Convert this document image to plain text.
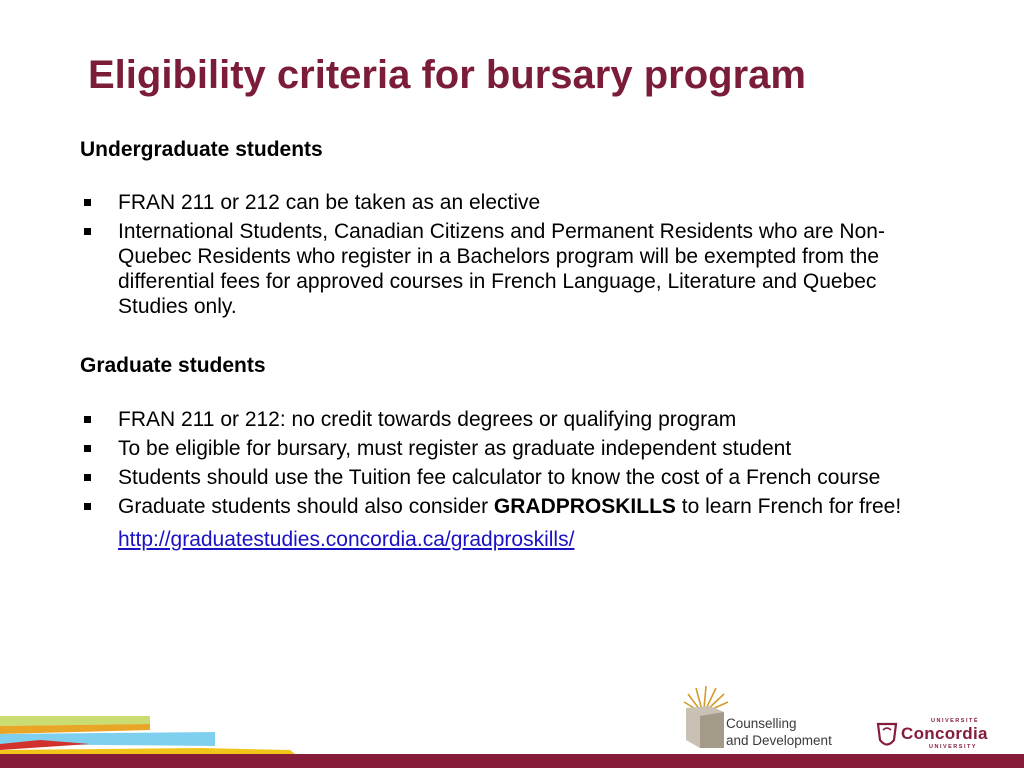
Eligibility criteria for bursary program

Undergraduate students

FRAN 211 or 212 can be taken as an elective
International Students, Canadian Citizens and Permanent Residents who are Non-Quebec Residents who register in a Bachelors program will be exempted from the differential fees for approved courses in French Language, Literature and Quebec Studies only.

Graduate students

FRAN 211 or 212: no credit towards degrees or qualifying program
To be eligible for bursary, must register as graduate independent student
Students should use the Tuition fee calculator to know the cost of a French course
Graduate students should also consider GRADPROSKILLS to learn French for free!
http://graduatestudies.concordia.ca/gradproskills/
Counselling
and Development
UNIVERSITÉ
Concordia
UNIVERSITY
